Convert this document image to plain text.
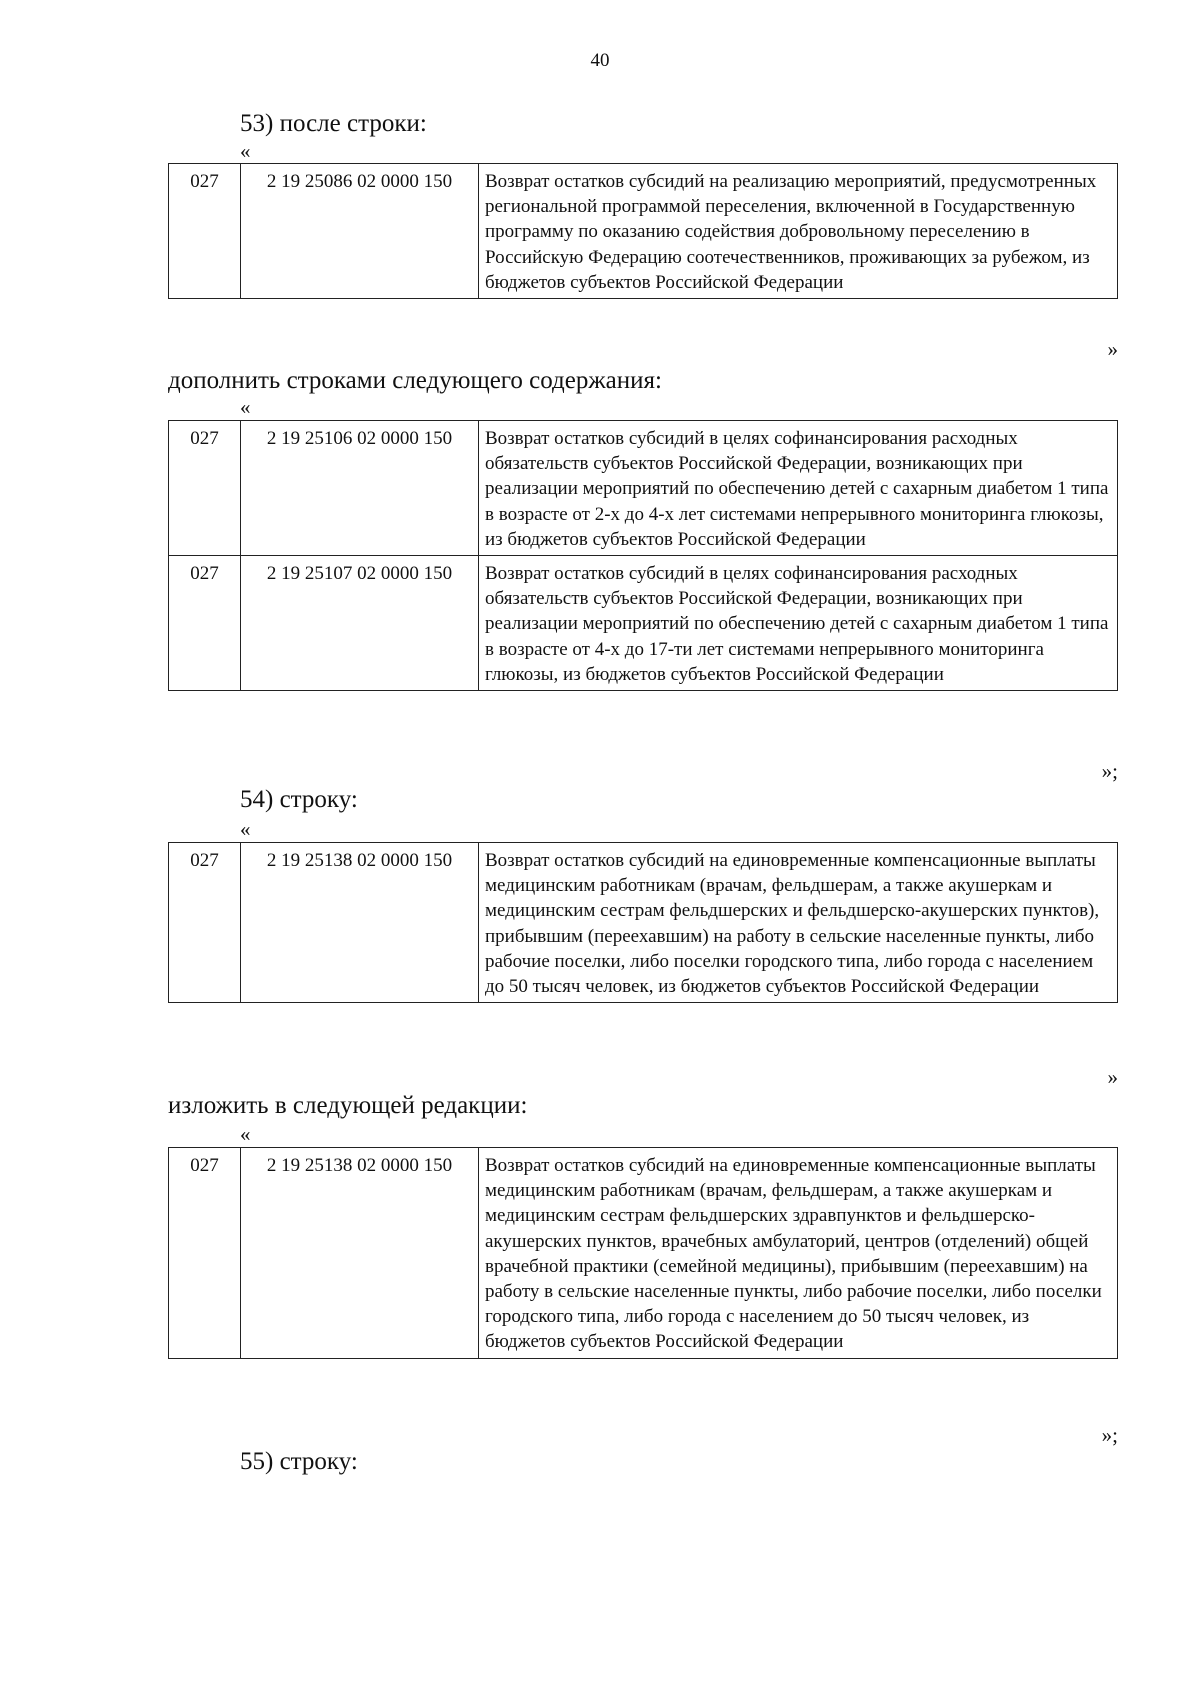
40
53) после строки:
«
027	2 19 25086 02 0000 150	Возврат остатков субсидий на реализацию мероприятий, предусмотренных региональной программой переселения, включенной в Государственную программу по оказанию содействия добровольному переселению в Российскую Федерацию соотечественников, проживающих за рубежом, из бюджетов субъектов Российской Федерации
»
дополнить строками следующего содержания:
«
027	2 19 25106 02 0000 150	Возврат остатков субсидий в целях софинансирования расходных обязательств субъектов Российской Федерации, возникающих при реализации мероприятий по обеспечению детей с сахарным диабетом 1 типа в возрасте от 2-х до 4-х лет системами непрерывного мониторинга глюкозы, из бюджетов субъектов Российской Федерации
027	2 19 25107 02 0000 150	Возврат остатков субсидий в целях софинансирования расходных обязательств субъектов Российской Федерации, возникающих при реализации мероприятий по обеспечению детей с сахарным диабетом 1 типа в возрасте от 4-х до 17-ти лет системами непрерывного мониторинга глюкозы, из бюджетов субъектов Российской Федерации
»;
54) строку:
«
027	2 19 25138 02 0000 150	Возврат остатков субсидий на единовременные компенсационные выплаты медицинским работникам (врачам, фельдшерам, а также акушеркам и медицинским сестрам фельдшерских и фельдшерско-акушерских пунктов), прибывшим (переехавшим) на работу в сельские населенные пункты, либо рабочие поселки, либо поселки городского типа, либо города с населением до 50 тысяч человек, из бюджетов субъектов Российской Федерации
»
изложить в следующей редакции:
«
027	2 19 25138 02 0000 150	Возврат остатков субсидий на единовременные компенсационные выплаты медицинским работникам (врачам, фельдшерам, а также акушеркам и медицинским сестрам фельдшерских здравпунктов и фельдшерско-акушерских пунктов, врачебных амбулаторий, центров (отделений) общей врачебной практики (семейной медицины), прибывшим (переехавшим) на работу в сельские населенные пункты, либо рабочие поселки, либо поселки городского типа, либо города с населением до 50 тысяч человек, из бюджетов субъектов Российской Федерации
»;
55) строку:
